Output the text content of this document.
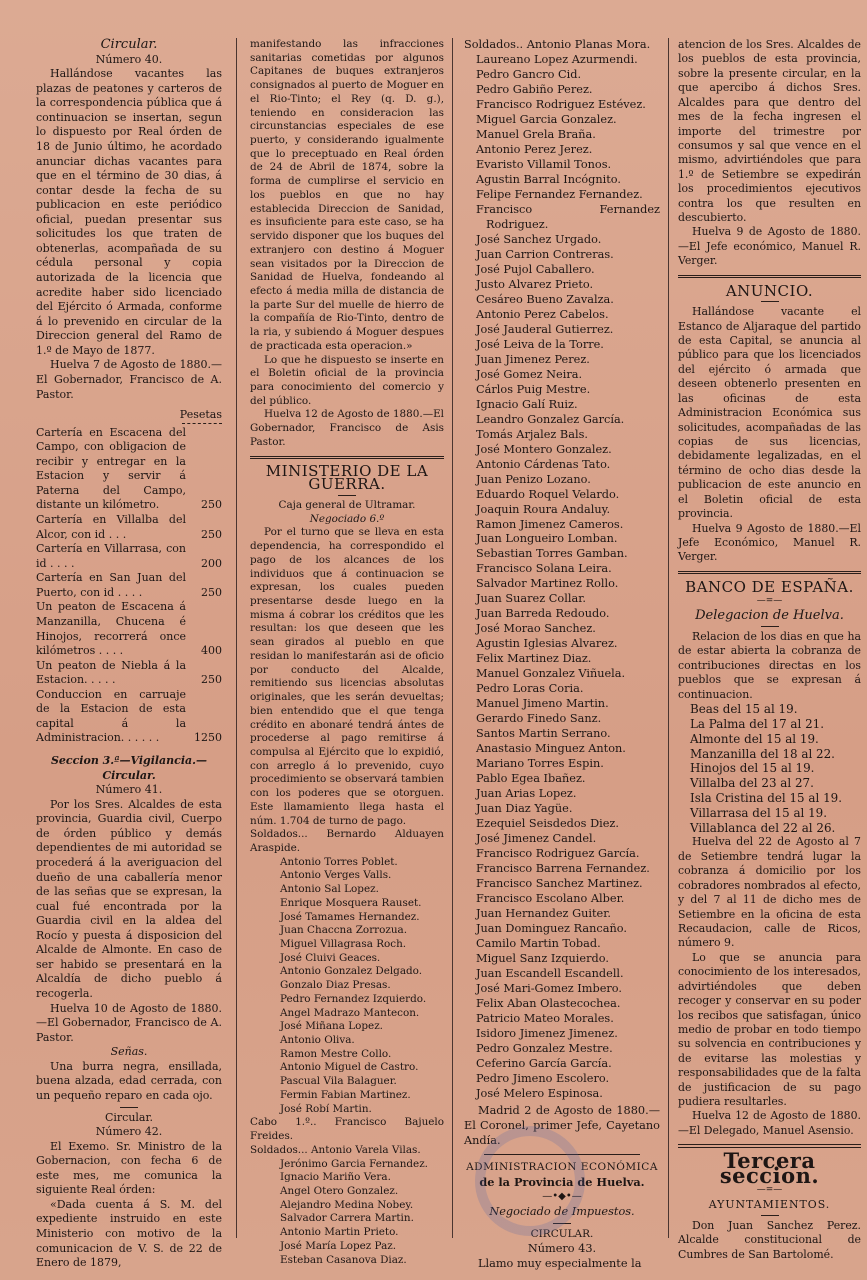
Circular.
Número 40.

Hallándose vacantes las plazas de peatones y carteros de la correspondencia pública que á continuacion se insertan, segun lo dispuesto por Real órden de 18 de Junio último, he acordado anunciar dichas vacantes para que en el término de 30 dias, á contar desde la fecha de su publicacion en este periódico oficial, puedan presentar sus solicitudes los que traten de obtenerlas, acompañada de su cédula personal y copia autorizada de la licencia que acredite haber sido licenciado del Ejército ó Armada, conforme á lo prevenido en circular de la Direccion general del Ramo de 1.º de Mayo de 1877.

Huelva 7 de Agosto de 1880.—El Gobernador, Francisco de A. Pastor.

Pesetas
Cartería en Escacena del Campo, con obligacion de recibir y entregar en la Estacion y servir á Paterna del Campo, distante un kilómetro.	250
Cartería en Villalba del Alcor, con id . . .	250
Cartería en Villarrasa, con id . . . .	200
Cartería en San Juan del Puerto, con id . . . .	250
Un peaton de Escacena á Manzanilla, Chucena é Hinojos, recorrerá once kilómetros . . . .	400
Un peaton de Niebla á la Estacion. . . . .	250
Conduccion en carruaje de la Estacion de esta capital á la Administracion. . . . . .	1250
Seccion 3.ª—Vigilancia.—Circular.
Número 41.

Por los Sres. Alcaldes de esta provincia, Guardia civil, Cuerpo de órden público y demás dependientes de mi autoridad se procederá á la averiguacion del dueño de una caballería menor de las señas que se expresan, la cual fué encontrada por la Guardia civil en la aldea del Rocío y puesta á disposicion del Alcalde de Almonte. En caso de ser habido se presentará en la Alcaldía de dicho pueblo á recogerla.

Huelva 10 de Agosto de 1880.—El Gobernador, Francisco de A. Pastor.

Señas.

Una burra negra, ensillada, buena alzada, edad cerrada, con un pequeño reparo en cada ojo.

Circular.
Número 42.

El Exemo. Sr. Ministro de la Gobernacion, con fecha 6 de este mes, me comunica la siguiente Real órden:

«Dada cuenta á S. M. del expediente instruido en este Ministerio con motivo de la comunicacion de V. S. de 22 de Enero de 1879,

manifestando las infracciones sanitarias cometidas por algunos Capitanes de buques extranjeros consignados al puerto de Moguer en el Rio-Tinto; el Rey (q. D. g.), teniendo en consideracion las circunstancias especiales de ese puerto, y considerando igualmente que lo preceptuado en Real órden de 24 de Abril de 1874, sobre la forma de cumplirse el servicio en los pueblos en que no hay establecida Direccion de Sanidad, es insuficiente para este caso, se ha servido disponer que los buques del extranjero con destino á Moguer sean visitados por la Direccion de Sanidad de Huelva, fondeando al efecto á media milla de distancia de la parte Sur del muelle de hierro de la compañía de Rio-Tinto, dentro de la ria, y subiendo á Moguer despues de practicada esta operacion.»

Lo que he dispuesto se inserte en el Boletin oficial de la provincia para conocimiento del comercio y del público.

Huelva 12 de Agosto de 1880.—El Gobernador, Francisco de Asis Pastor.

MINISTERIO DE LA GUERRA.
Caja general de Ultramar.
Negociado 6.º

Por el turno que se lleva en esta dependencia, ha correspondido el pago de los alcances de los individuos que á continuacion se expresan, los cuales pueden presentarse desde luego en la misma á cobrar los créditos que les resultan: los que deseen que les sean girados al pueblo en que residan lo manifestarán asi de oficio por conducto del Alcalde, remitiendo sus licencias absolutas originales, que les serán devueltas; bien entendido que el que tenga crédito en abonaré tendrá ántes de procederse al pago remitirse á compulsa al Ejército que lo expidió, con arreglo á lo prevenido, cuyo procedimiento se observará tambien con los poderes que se otorguen. Este llamamiento llega hasta el núm. 1.704 de turno de pago.

Soldados... Bernardo Alduayen Araspide.
Antonio Torres Poblet.
Antonio Verges Valls.
Antonio Sal Lopez.
Enrique Mosquera Rauset.
José Tamames Hernandez.
Juan Chaccna Zorrozua.
Miguel Villagrasa Roch.
José Cluivi Geaces.
Antonio Gonzalez Delgado.
Gonzalo Diaz Presas.
Pedro Fernandez Izquierdo.
Angel Madrazo Mantecon.
José Miñana Lopez.
Antonio Oliva.
Ramon Mestre Collo.
Antonio Miguel de Castro.
Pascual Vila Balaguer.
Fermin Fabian Martinez.
José Robí Martin.
Cabo 1.º.. Francisco Bajuelo Freides.
Soldados... Antonio Varela Vilas.
Jerónimo Garcia Fernandez.
Ignacio Mariño Vera.
Angel Otero Gonzalez.
Alejandro Medina Nobey.
Salvador Carrera Martin.
Antonio Martin Prieto.
José María Lopez Paz.
Esteban Casanova Diaz.
Soldados.. Antonio Planas Mora.
Laureano Lopez Azurmendi.
Pedro Gancro Cid.
Pedro Gabiño Perez.
Francisco Rodriguez Estévez.
Miguel Garcia Gonzalez.
Manuel Grela Braña.
Antonio Perez Jerez.
Evaristo Villamil Tonos.
Agustin Barral Incógnito.
Felipe Fernandez Fernandez.
Francisco Fernandez Rodriguez.
José Sanchez Urgado.
Juan Carrion Contreras.
José Pujol Caballero.
Justo Alvarez Prieto.
Cesáreo Bueno Zavalza.
Antonio Perez Cabelos.
José Jauderal Gutierrez.
José Leiva de la Torre.
Juan Jimenez Perez.
José Gomez Neira.
Cárlos Puig Mestre.
Ignacio Galí Ruiz.
Leandro Gonzalez García.
Tomás Arjalez Bals.
José Montero Gonzalez.
Antonio Cárdenas Tato.
Juan Penizo Lozano.
Eduardo Roquel Velardo.
Joaquin Roura Andaluy.
Ramon Jimenez Cameros.
Juan Longueiro Lomban.
Sebastian Torres Gamban.
Francisco Solana Leira.
Salvador Martinez Rollo.
Juan Suarez Collar.
Juan Barreda Redoudo.
José Morao Sanchez.
Agustin Iglesias Alvarez.
Felix Martinez Diaz.
Manuel Gonzalez Viñuela.
Pedro Loras Coria.
Manuel Jimeno Martin.
Gerardo Finedo Sanz.
Santos Martin Serrano.
Anastasio Minguez Anton.
Mariano Torres Espin.
Pablo Egea Ibañez.
Juan Arias Lopez.
Juan Diaz Yagüe.
Ezequiel Seisdedos Diez.
José Jimenez Candel.
Francisco Rodriguez García.
Francisco Barrena Fernandez.
Francisco Sanchez Martinez.
Francisco Escolano Alber.
Juan Hernandez Guiter.
Juan Dominguez Rancaño.
Camilo Martin Tobad.
Miguel Sanz Izquierdo.
Juan Escandell Escandell.
José Mari-Gomez Imbero.
Felix Aban Olastecochea.
Patricio Mateo Morales.
Isidoro Jimenez Jimenez.
Pedro Gonzalez Mestre.
Ceferino García García.
Pedro Jimeno Escolero.
José Melero Espinosa.

Madrid 2 de Agosto de 1880.—El Coronel, primer Jefe, Cayetano Andía.

ADMINISTRACION ECONÓMICA
de la Provincia de Huelva.
—•◆•—
Negociado de Impuestos.
CIRCULAR.
Número 43.

Llamo muy especialmente la

atencion de los Sres. Alcaldes de los pueblos de esta provincia, sobre la presente circular, en la que apercibo á dichos Sres. Alcaldes para que dentro del mes de la fecha ingresen el importe del trimestre por consumos y sal que vence en el mismo, advirtiéndoles que para 1.º de Setiembre se expedirán los procedimientos ejecutivos contra los que resulten en descubierto.

Huelva 9 de Agosto de 1880.—El Jefe económico, Manuel R. Verger.

ANUNCIO.

Hallándose vacante el Estanco de Aljaraque del partido de esta Capital, se anuncia al público para que los licenciados del ejército ó armada que deseen obtenerlo presenten en las oficinas de esta Administracion Económica sus solicitudes, acompañadas de las copias de sus licencias, debidamente legalizadas, en el término de ocho dias desde la publicacion de este anuncio en el Boletin oficial de esta provincia.

Huelva 9 Agosto de 1880.—El Jefe Económico, Manuel R. Verger.

BANCO DE ESPAÑA.
—=—
Delegacion de Huelva.

Relacion de los dias en que ha de estar abierta la cobranza de contribuciones directas en los pueblos que se expresan á continuacion.

Beas del 15 al 19.
La Palma del 17 al 21.
Almonte del 15 al 19.
Manzanilla del 18 al 22.
Hinojos del 15 al 19.
Villalba del 23 al 27.
Isla Cristina del 15 al 19.
Villarrasa del 15 al 19.
Villablanca del 22 al 26.

Huelva del 22 de Agosto al 7 de Setiembre tendrá lugar la cobranza á domicilio por los cobradores nombrados al efecto, y del 7 al 11 de dicho mes de Setiembre en la oficina de esta Recaudacion, calle de Ricos, número 9.

Lo que se anuncia para conocimiento de los interesados, advirtiéndoles que deben recoger y conservar en su poder los recibos que satisfagan, único medio de probar en todo tiempo su solvencia en contribuciones y de evitarse las molestias y responsabilidades que de la falta de justificacion de su pago pudiera resultarles.

Huelva 12 de Agosto de 1880.—El Delegado, Manuel Asensio.

Tercera seccion.
—=—
AYUNTAMIENTOS.

Don Juan Sanchez Perez. Alcalde constitucional de Cumbres de San Bartolomé.
